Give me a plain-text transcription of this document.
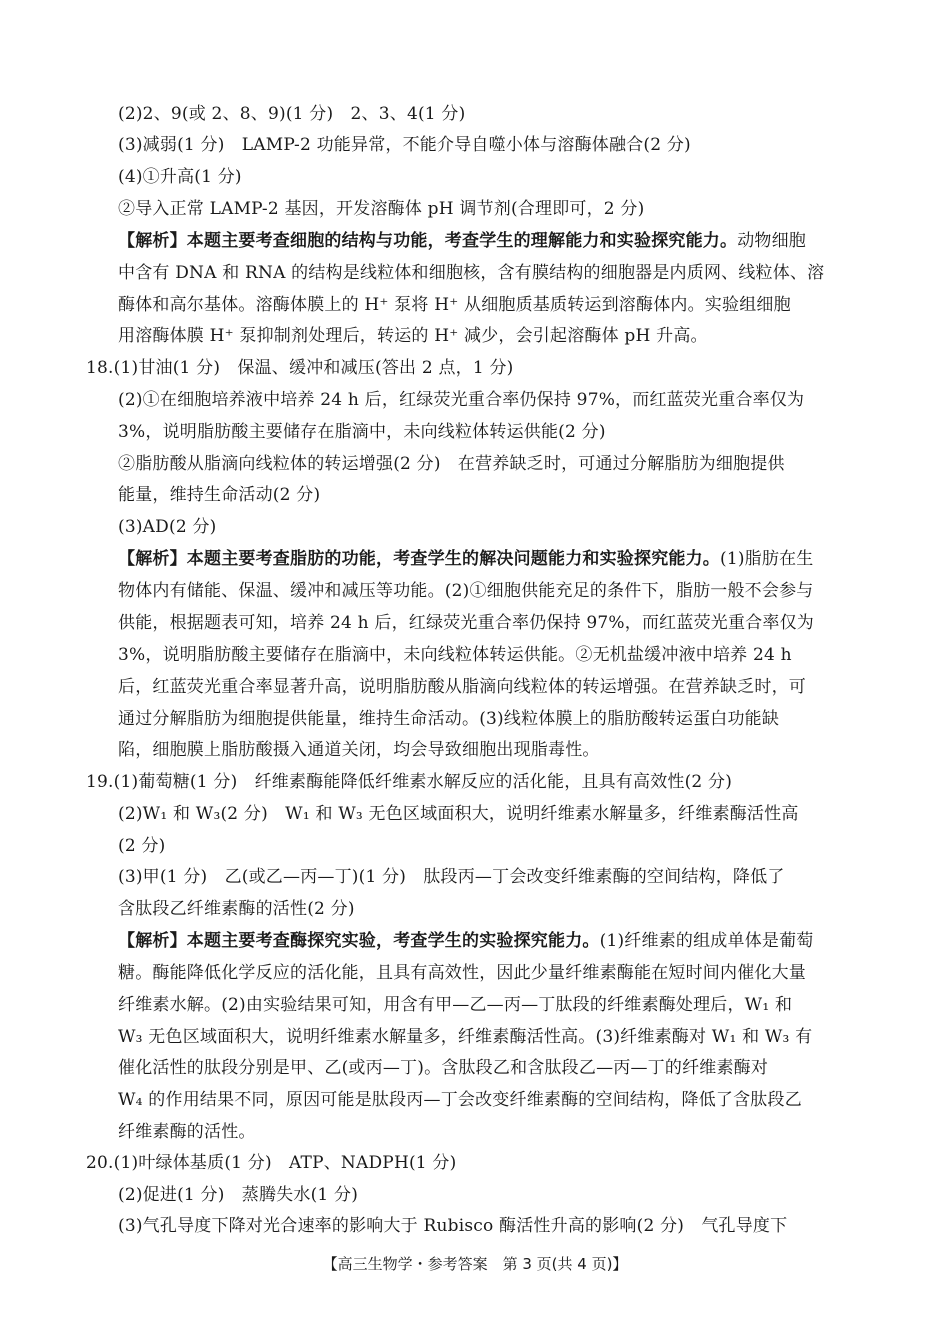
(2)2、9(或 2、8、9)(1 分)　2、3、4(1 分)
(3)减弱(1 分)　LAMP-2 功能异常，不能介导自噬小体与溶酶体融合(2 分)
(4)①升高(1 分)
②导入正常 LAMP-2 基因，开发溶酶体 pH 调节剂(合理即可，2 分)
【解析】本题主要考查细胞的结构与功能，考查学生的理解能力和实验探究能力。动物细胞
中含有 DNA 和 RNA 的结构是线粒体和细胞核，含有膜结构的细胞器是内质网、线粒体、溶
酶体和高尔基体。溶酶体膜上的 H⁺ 泵将 H⁺ 从细胞质基质转运到溶酶体内。实验组细胞
用溶酶体膜 H⁺ 泵抑制剂处理后，转运的 H⁺ 减少，会引起溶酶体 pH 升高。
18.(1)甘油(1 分)　保温、缓冲和减压(答出 2 点，1 分)
(2)①在细胞培养液中培养 24 h 后，红绿荧光重合率仍保持 97%，而红蓝荧光重合率仅为
3%，说明脂肪酸主要储存在脂滴中，未向线粒体转运供能(2 分)
②脂肪酸从脂滴向线粒体的转运增强(2 分)　在营养缺乏时，可通过分解脂肪为细胞提供
能量，维持生命活动(2 分)
(3)AD(2 分)
【解析】本题主要考查脂肪的功能，考查学生的解决问题能力和实验探究能力。(1)脂肪在生
物体内有储能、保温、缓冲和减压等功能。(2)①细胞供能充足的条件下，脂肪一般不会参与
供能，根据题表可知，培养 24 h 后，红绿荧光重合率仍保持 97%，而红蓝荧光重合率仅为
3%，说明脂肪酸主要储存在脂滴中，未向线粒体转运供能。②无机盐缓冲液中培养 24 h
后，红蓝荧光重合率显著升高，说明脂肪酸从脂滴向线粒体的转运增强。在营养缺乏时，可
通过分解脂肪为细胞提供能量，维持生命活动。(3)线粒体膜上的脂肪酸转运蛋白功能缺
陷，细胞膜上脂肪酸摄入通道关闭，均会导致细胞出现脂毒性。
19.(1)葡萄糖(1 分)　纤维素酶能降低纤维素水解反应的活化能，且具有高效性(2 分)
(2)W₁ 和 W₃(2 分)　W₁ 和 W₃ 无色区域面积大，说明纤维素水解量多，纤维素酶活性高
(2 分)
(3)甲(1 分)　乙(或乙—丙—丁)(1 分)　肽段丙—丁会改变纤维素酶的空间结构，降低了
含肽段乙纤维素酶的活性(2 分)
【解析】本题主要考查酶探究实验，考查学生的实验探究能力。(1)纤维素的组成单体是葡萄
糖。酶能降低化学反应的活化能，且具有高效性，因此少量纤维素酶能在短时间内催化大量
纤维素水解。(2)由实验结果可知，用含有甲—乙—丙—丁肽段的纤维素酶处理后，W₁ 和
W₃ 无色区域面积大，说明纤维素水解量多，纤维素酶活性高。(3)纤维素酶对 W₁ 和 W₃ 有
催化活性的肽段分别是甲、乙(或丙—丁)。含肽段乙和含肽段乙—丙—丁的纤维素酶对
W₄ 的作用结果不同，原因可能是肽段丙—丁会改变纤维素酶的空间结构，降低了含肽段乙
纤维素酶的活性。
20.(1)叶绿体基质(1 分)　ATP、NADPH(1 分)
(2)促进(1 分)　蒸腾失水(1 分)
(3)气孔导度下降对光合速率的影响大于 Rubisco 酶活性升高的影响(2 分)　气孔导度下
【高三生物学・参考答案　第 3 页(共 4 页)】
